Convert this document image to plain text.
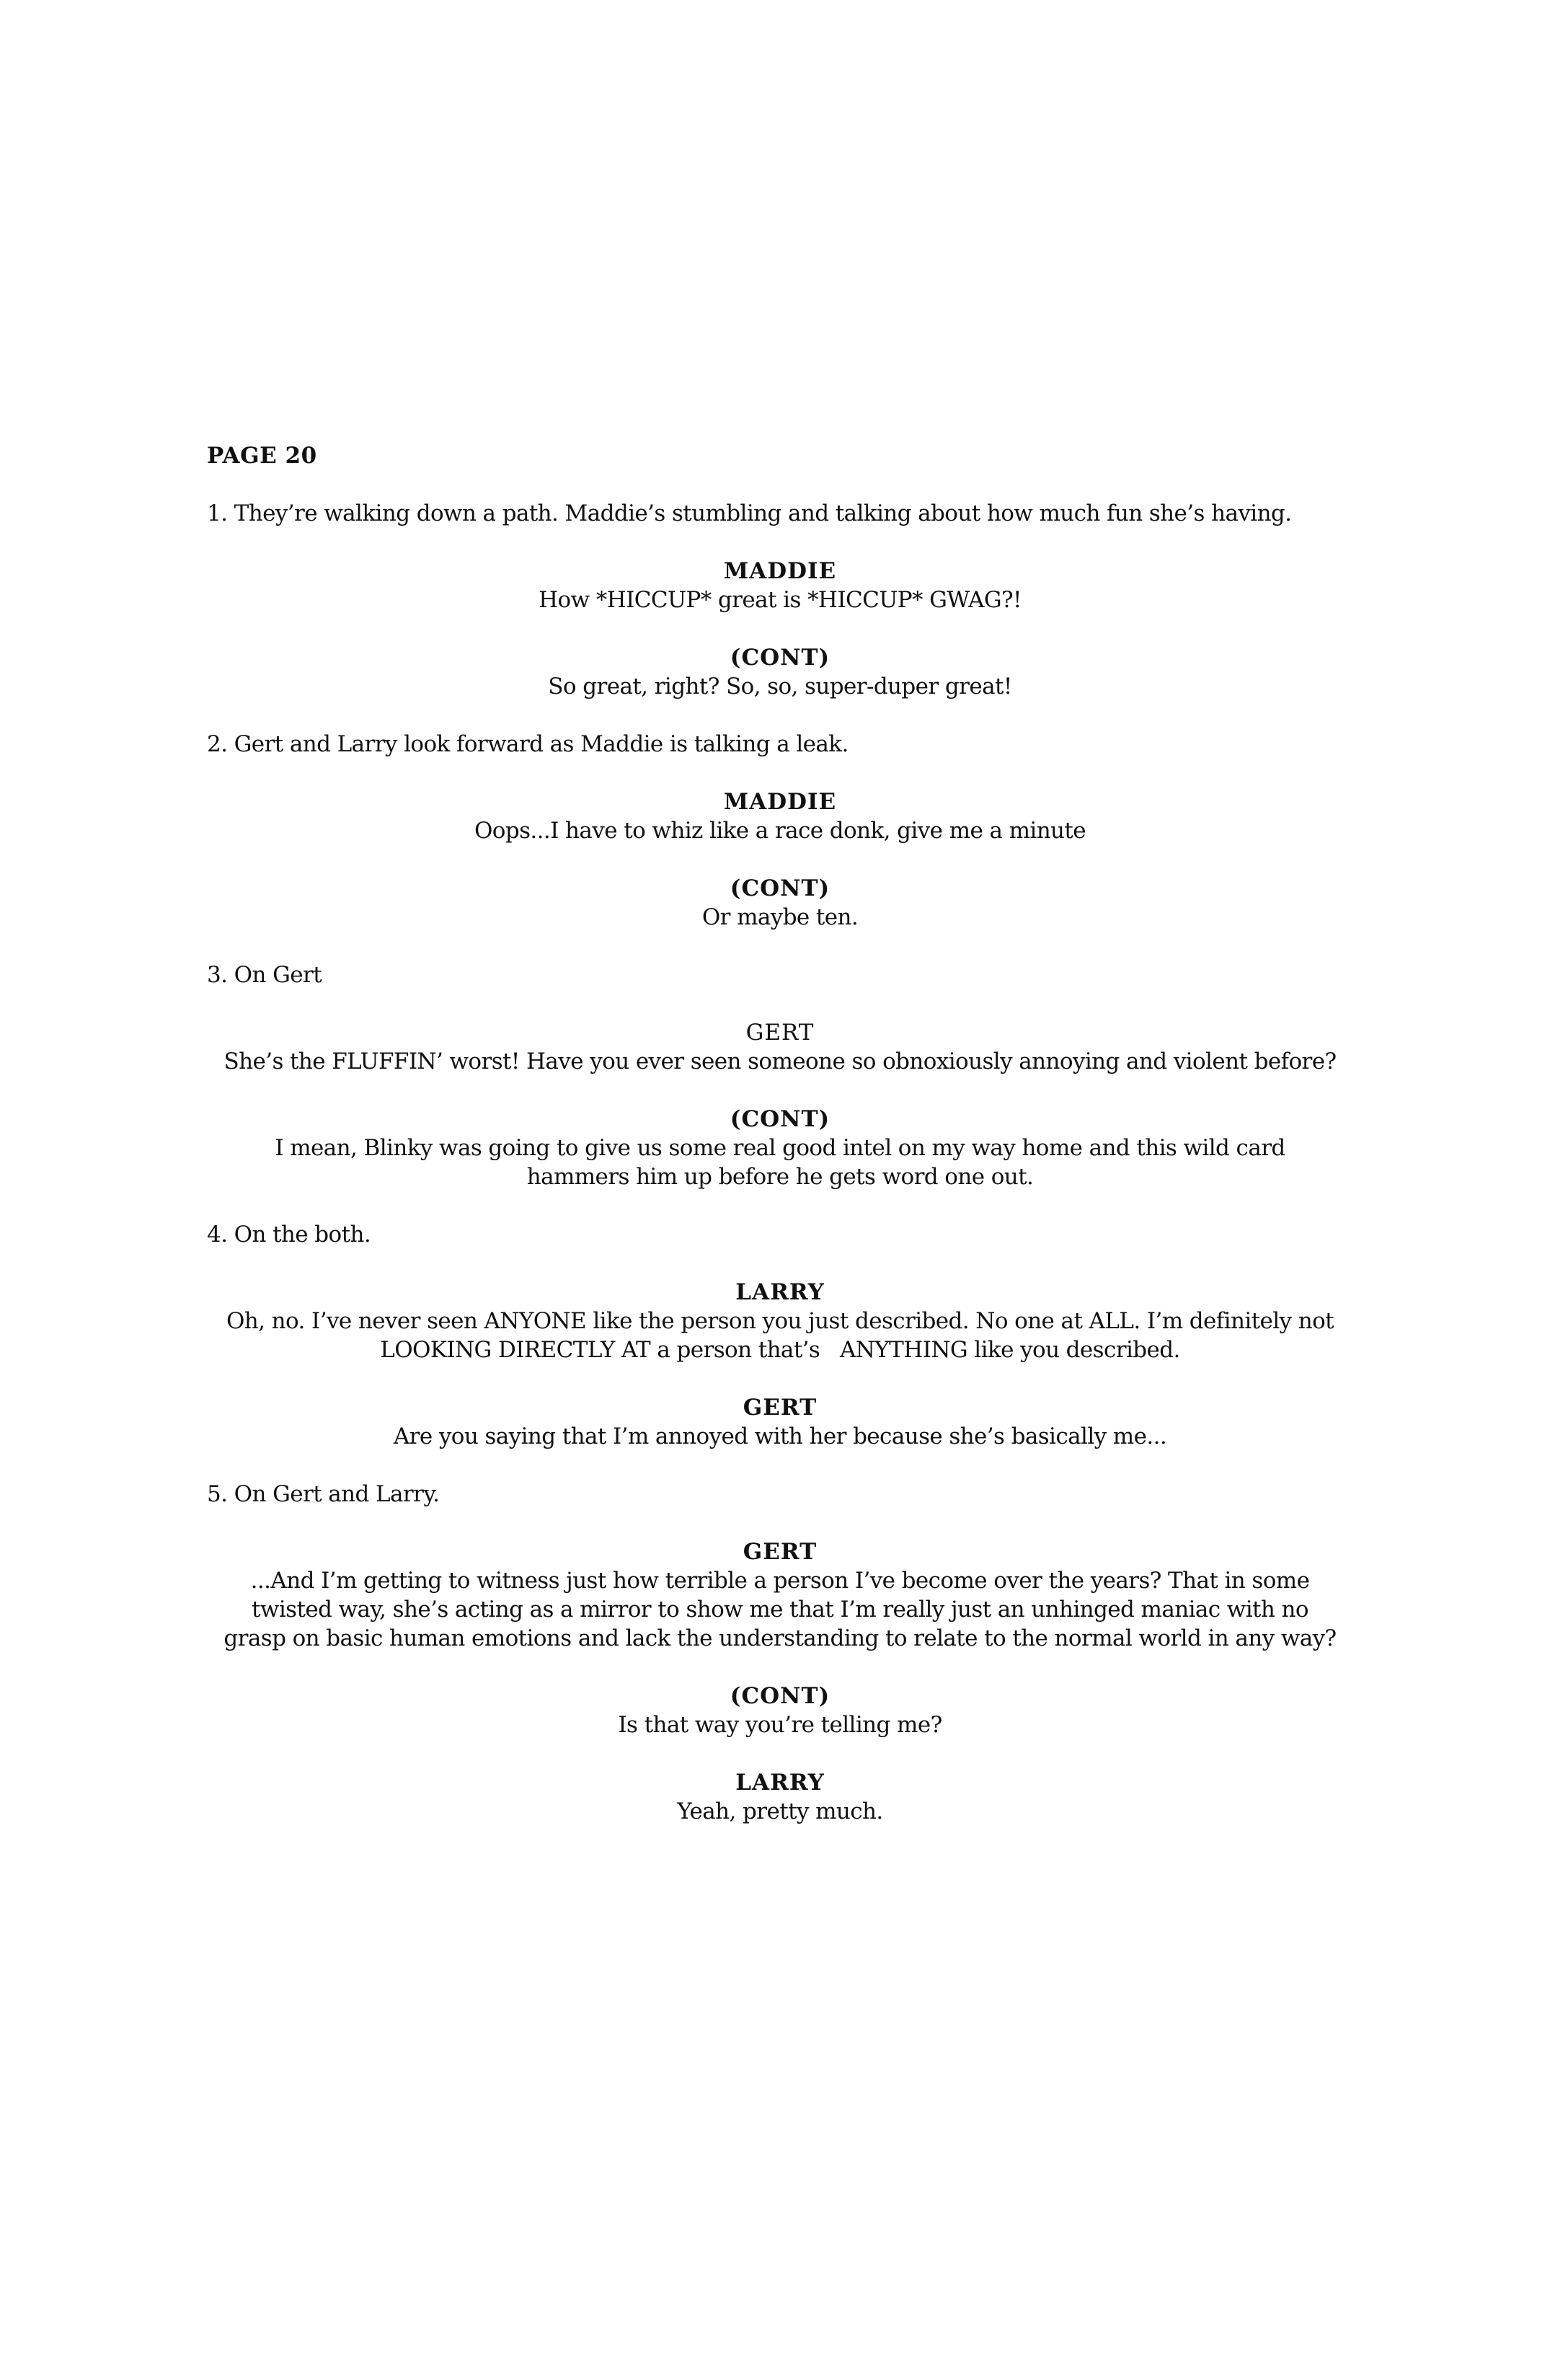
PAGE 20
1. They’re walking down a path. Maddie’s stumbling and talking about how much fun she’s having.
MADDIE
How *HICCUP* great is *HICCUP* GWAG?!
(CONT)
So great, right? So, so, super-duper great!
2. Gert and Larry look forward as Maddie is talking a leak.
MADDIE
Oops...I have to whiz like a race donk, give me a minute
(CONT)
Or maybe ten.
3. On Gert
GERT
She’s the FLUFFIN’ worst! Have you ever seen someone so obnoxiously annoying and violent before?
(CONT)
I mean, Blinky was going to give us some real good intel on my way home and this wild card hammers him up before he gets word one out.
4. On the both.
LARRY
Oh, no. I’ve never seen ANYONE like the person you just described. No one at ALL. I’m definitely not LOOKING DIRECTLY AT a person that’s   ANYTHING like you described.
GERT
Are you saying that I’m annoyed with her because she’s basically me...
5. On Gert and Larry.
GERT
...And I’m getting to witness just how terrible a person I’ve become over the years? That in some twisted way, she’s acting as a mirror to show me that I’m really just an unhinged maniac with no grasp on basic human emotions and lack the understanding to relate to the normal world in any way?
(CONT)
Is that way you’re telling me?
LARRY
Yeah, pretty much.
